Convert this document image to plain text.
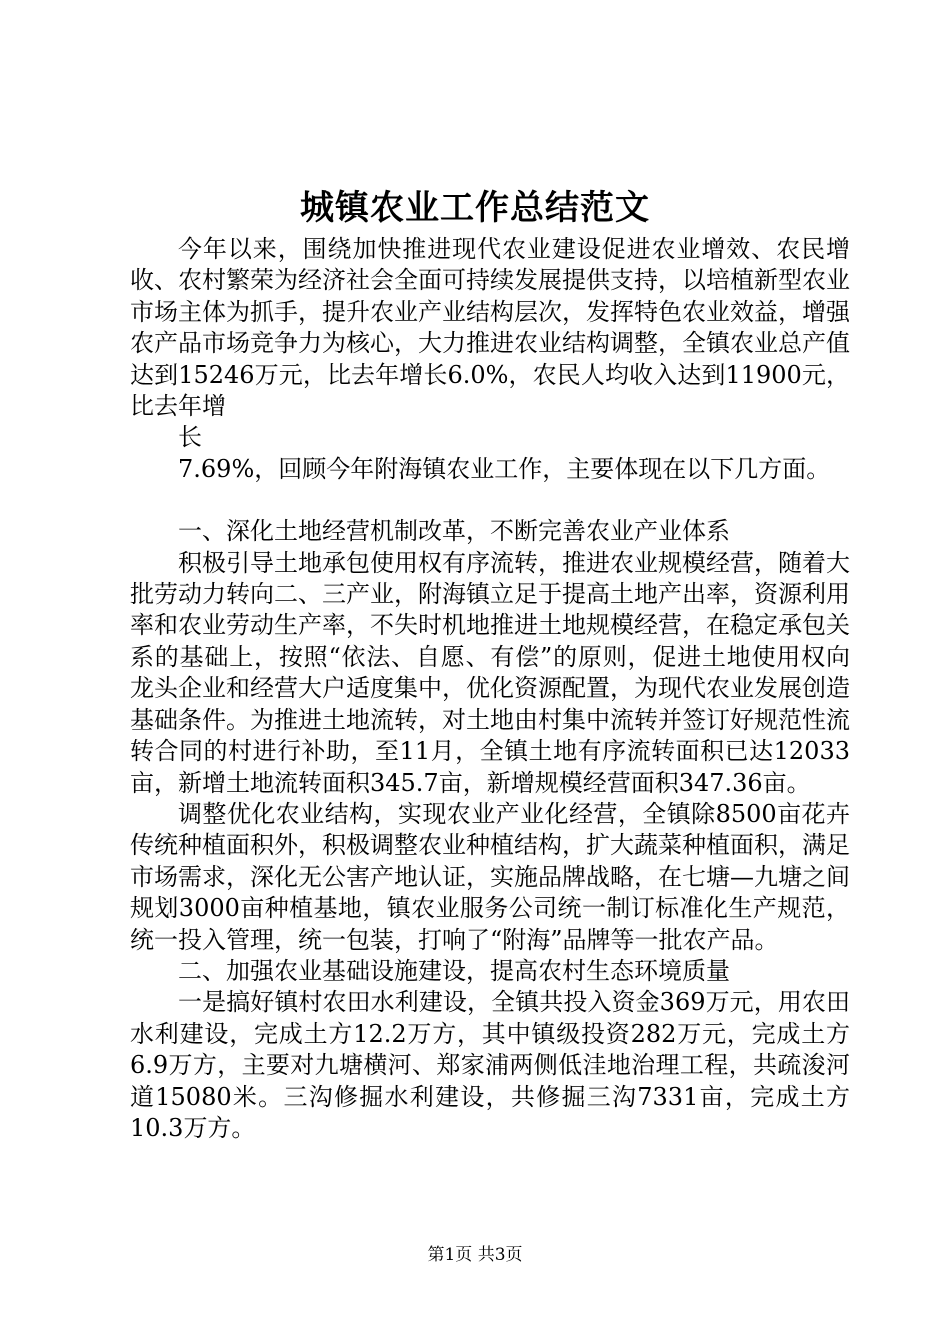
城镇农业工作总结范文

今年以来，围绕加快推进现代农业建设促进农业增效、农民增收、农村繁荣为经济社会全面可持续发展提供支持，以培植新型农业市场主体为抓手，提升农业产业结构层次，发挥特色农业效益，增强农产品市场竞争力为核心，大力推进农业结构调整，全镇农业总产值达到15246万元，比去年增长6.0%，农民人均收入达到11900元，比去年增

长

7.69%，回顾今年附海镇农业工作，主要体现在以下几方面。

一、深化土地经营机制改革，不断完善农业产业体系

积极引导土地承包使用权有序流转，推进农业规模经营，随着大批劳动力转向二、三产业，附海镇立足于提高土地产出率，资源利用率和农业劳动生产率，不失时机地推进土地规模经营，在稳定承包关系的基础上，按照“依法、自愿、有偿”的原则，促进土地使用权向龙头企业和经营大户适度集中，优化资源配置，为现代农业发展创造基础条件。为推进土地流转，对土地由村集中流转并签订好规范性流转合同的村进行补助，至11月，全镇土地有序流转面积已达12033亩，新增土地流转面积345.7亩，新增规模经营面积347.36亩。

调整优化农业结构，实现农业产业化经营，全镇除8500亩花卉传统种植面积外，积极调整农业种植结构，扩大蔬菜种植面积，满足市场需求，深化无公害产地认证，实施品牌战略，在七塘—九塘之间规划3000亩种植基地，镇农业服务公司统一制订标准化生产规范，统一投入管理，统一包装，打响了“附海”品牌等一批农产品。

二、加强农业基础设施建设，提高农村生态环境质量

一是搞好镇村农田水利建设，全镇共投入资金369万元，用农田水利建设，完成土方12.2万方，其中镇级投资282万元，完成土方6.9万方，主要对九塘横河、郑家浦两侧低洼地治理工程，共疏浚河道15080米。三沟修掘水利建设，共修掘三沟7331亩，完成土方10.3万方。

第1页 共3页
